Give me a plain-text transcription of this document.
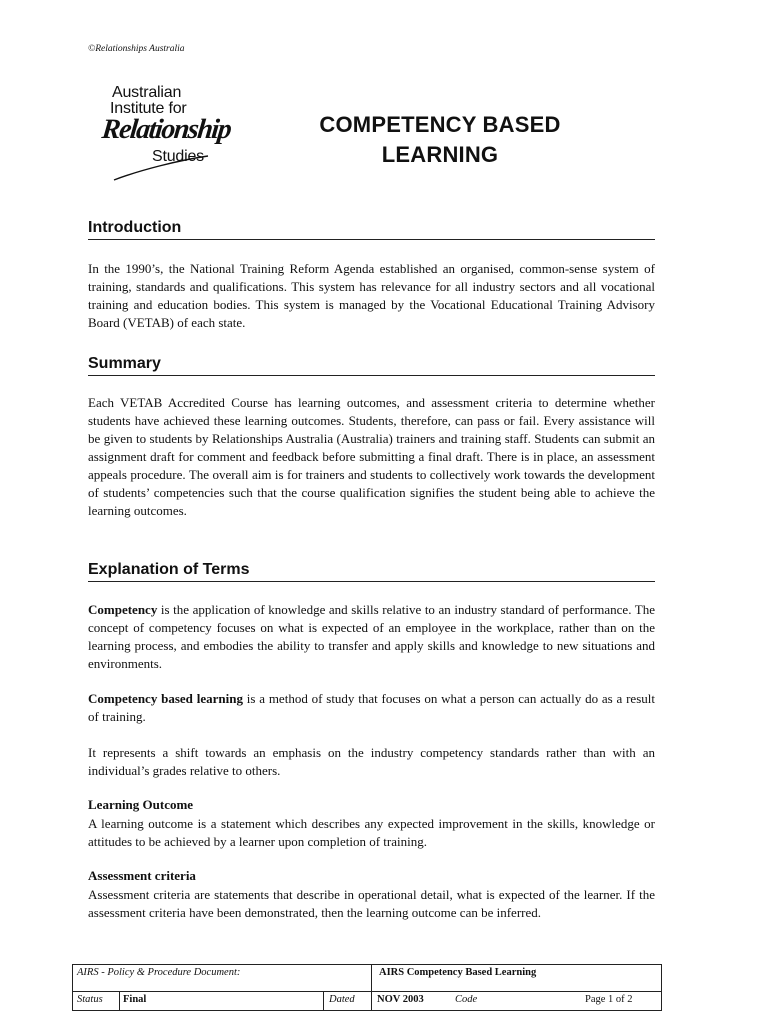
©Relationships Australia
Australian
Institute for
Relationship
Studies
COMPETENCY BASED
LEARNING
Introduction

In the 1990’s, the National Training Reform Agenda established an organised, common-sense system of training, standards and qualifications. This system has relevance for all industry sectors and all vocational training and education bodies. This system is managed by the Vocational Educational Training Advisory Board (VETAB) of each state.

Summary

Each VETAB Accredited Course has learning outcomes, and assessment criteria to determine whether students have achieved these learning outcomes. Students, therefore, can pass or fail. Every assistance will be given to students by Relationships Australia (Australia) trainers and training staff. Students can submit an assignment draft for comment and feedback before submitting a final draft. There is in place, an assessment appeals procedure. The overall aim is for trainers and students to collectively work towards the development of students’ competencies such that the course qualification signifies the student being able to achieve the learning outcomes.

Explanation of Terms

Competency is the application of knowledge and skills relative to an industry standard of performance. The concept of competency focuses on what is expected of an employee in the workplace, rather than on the learning process, and embodies the ability to transfer and apply skills and knowledge to new situations and environments.

Competency based learning is a method of study that focuses on what a person can actually do as a result of training.

It represents a shift towards an emphasis on the industry competency standards rather than with an individual’s grades relative to others.

Learning Outcome

A learning outcome is a statement which describes any expected improvement in the skills, knowledge or attitudes to be achieved by a learner upon completion of training.

Assessment criteria

Assessment criteria are statements that describe in operational detail, what is expected of the learner. If the assessment criteria have been demonstrated, then the learning outcome can be inferred.

AIRS - Policy & Procedure Document:	AIRS Competency Based Learning
Status Final	Dated NOV 2003	Code	Page 1 of 2
